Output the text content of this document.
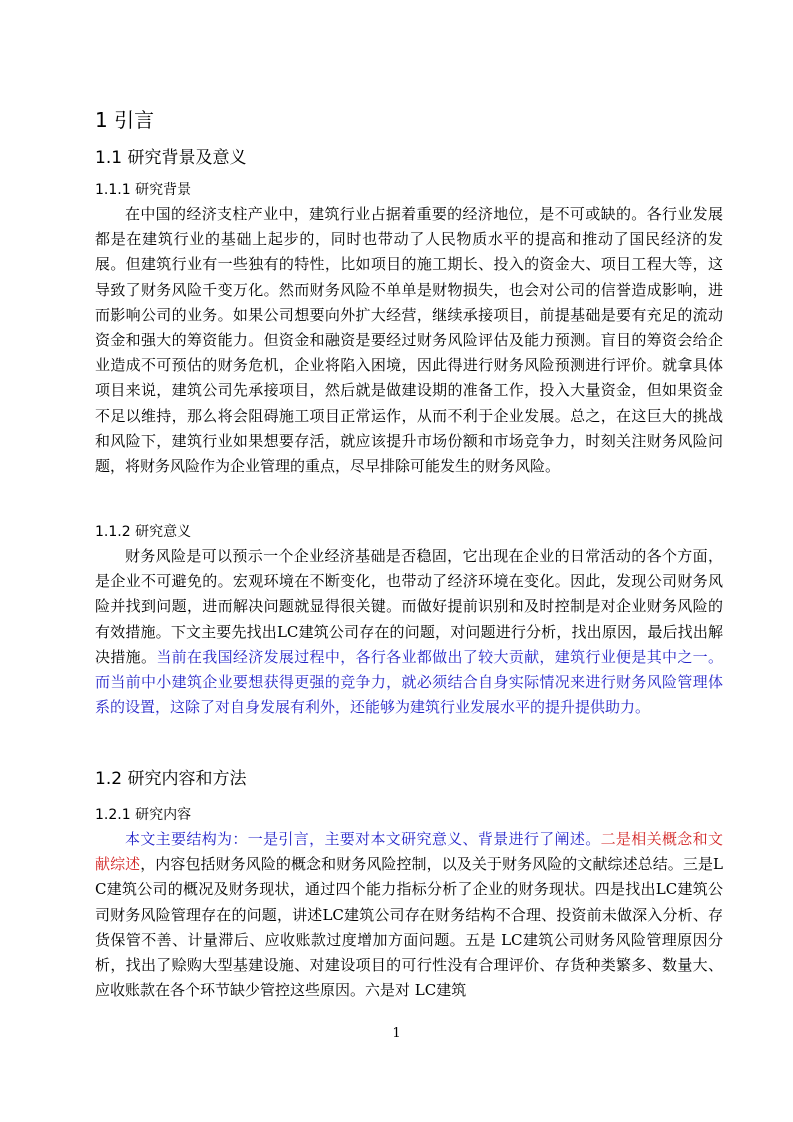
1 引言
1.1 研究背景及意义
1.1.1 研究背景

在中国的经济支柱产业中，建筑行业占据着重要的经济地位，是不可或缺的。各行业发展都是在建筑行业的基础上起步的，同时也带动了人民物质水平的提高和推动了国民经济的发展。但建筑行业有一些独有的特性，比如项目的施工期长、投入的资金大、项目工程大等，这导致了财务风险千变万化。然而财务风险不单单是财物损失，也会对公司的信誉造成影响，进而影响公司的业务。如果公司想要向外扩大经营，继续承接项目，前提基础是要有充足的流动资金和强大的筹资能力。但资金和融资是要经过财务风险评估及能力预测。盲目的筹资会给企业造成不可预估的财务危机，企业将陷入困境，因此得进行财务风险预测进行评价。就拿具体项目来说，建筑公司先承接项目，然后就是做建设期的准备工作，投入大量资金，但如果资金不足以维持，那么将会阻碍施工项目正常运作，从而不利于企业发展。总之，在这巨大的挑战和风险下，建筑行业如果想要存活，就应该提升市场份额和市场竞争力，时刻关注财务风险问题，将财务风险作为企业管理的重点，尽早排除可能发生的财务风险。

1.1.2 研究意义

财务风险是可以预示一个企业经济基础是否稳固，它出现在企业的日常活动的各个方面，是企业不可避免的。宏观环境在不断变化，也带动了经济环境在变化。因此，发现公司财务风险并找到问题，进而解决问题就显得很关键。而做好提前识别和及时控制是对企业财务风险的有效措施。下文主要先找出LC建筑公司存在的问题，对问题进行分析，找出原因，最后找出解决措施。当前在我国经济发展过程中，各行各业都做出了较大贡献，建筑行业便是其中之一。而当前中小建筑企业要想获得更强的竞争力，就必须结合自身实际情况来进行财务风险管理体系的设置，这除了对自身发展有利外，还能够为建筑行业发展水平的提升提供助力。

1.2 研究内容和方法
1.2.1 研究内容

本文主要结构为：一是引言，主要对本文研究意义、背景进行了阐述。二是相关概念和文献综述，内容包括财务风险的概念和财务风险控制，以及关于财务风险的文献综述总结。三是LC建筑公司的概况及财务现状，通过四个能力指标分析了企业的财务现状。四是找出LC建筑公司财务风险管理存在的问题，讲述LC建筑公司存在财务结构不合理、投资前未做深入分析、存货保管不善、计量滞后、应收账款过度增加方面问题。五是 LC建筑公司财务风险管理原因分析，找出了赊购大型基建设施、对建设项目的可行性没有合理评价、存货种类繁多、数量大、应收账款在各个环节缺少管控这些原因。六是对 LC建筑

1
